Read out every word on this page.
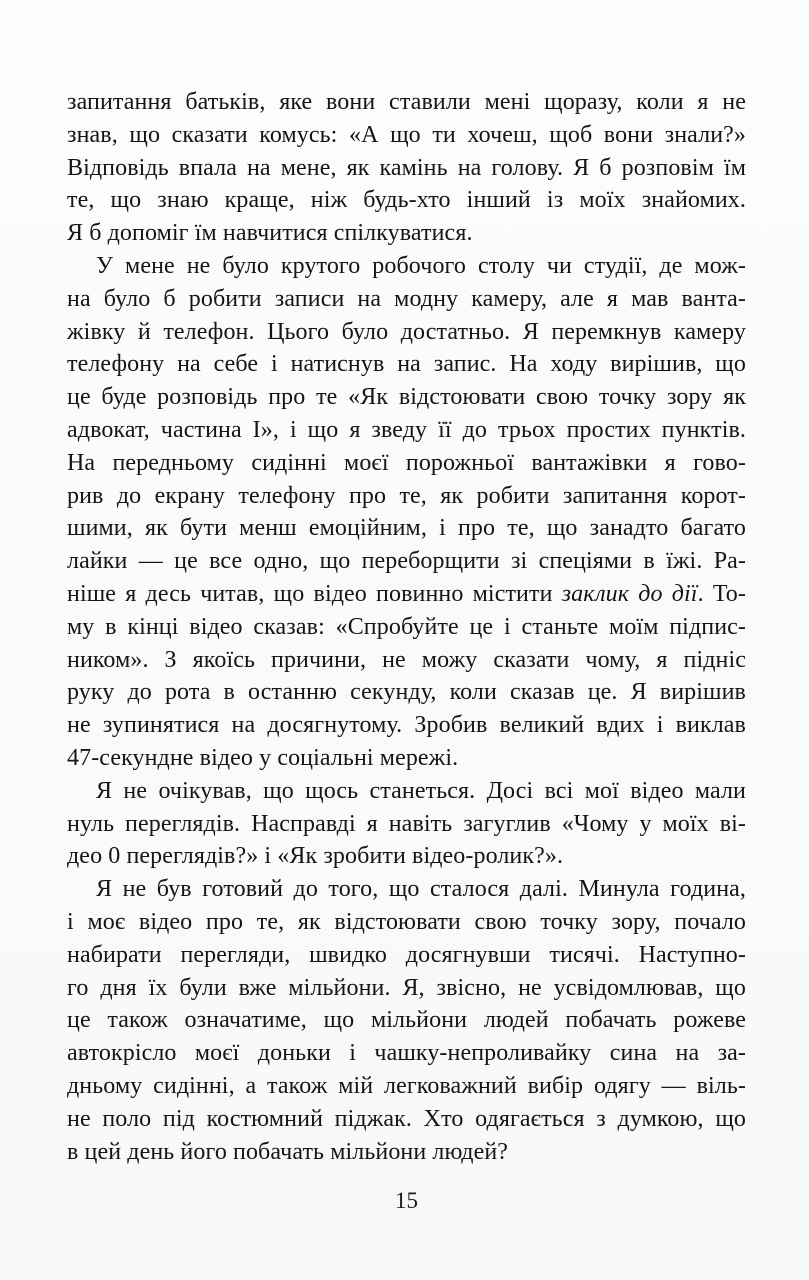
запитання батьків, яке вони ставили мені щоразу, коли я не
знав, що сказати комусь: «А що ти хочеш, щоб вони знали?»
Відповідь впала на мене, як камінь на голову. Я б розповім їм
те, що знаю краще, ніж будь-хто інший із моїх знайомих.
Я б допоміг їм навчитися спілкуватися.
У мене не було крутого робочого столу чи студії, де мож-
на було б робити записи на модну камеру, але я мав ванта-
жівку й телефон. Цього було достатньо. Я перемкнув камеру
телефону на себе і натиснув на запис. На ходу вирішив, що
це буде розповідь про те «Як відстоювати свою точку зору як
адвокат, частина I», і що я зведу її до трьох простих пунктів.
На передньому сидінні моєї порожньої вантажівки я гово-
рив до екрану телефону про те, як робити запитання корот-
шими, як бути менш емоційним, і про те, що занадто багато
лайки — це все одно, що переборщити зі спеціями в їжі. Ра-
ніше я десь читав, що відео повинно містити заклик до дії. То-
му в кінці відео сказав: «Спробуйте це і станьте моїм підпис-
ником». З якоїсь причини, не можу сказати чому, я підніс
руку до рота в останню секунду, коли сказав це. Я вирішив
не зупинятися на досягнутому. Зробив великий вдих і виклав
47-секундне відео у соціальні мережі.
Я не очікував, що щось станеться. Досі всі мої відео мали
нуль переглядів. Насправді я навіть загуглив «Чому у моїх ві-
део 0 переглядів?» і «Як зробити відео-ролик?».
Я не був готовий до того, що сталося далі. Минула година,
і моє відео про те, як відстоювати свою точку зору, почало
набирати перегляди, швидко досягнувши тисячі. Наступно-
го дня їх були вже мільйони. Я, звісно, не усвідомлював, що
це також означатиме, що мільйони людей побачать рожеве
автокрісло моєї доньки і чашку-непроливайку сина на за-
дньому сидінні, а також мій легковажний вибір одягу — віль-
не поло під костюмний піджак. Хто одягається з думкою, що
в цей день його побачать мільйони людей?
15
